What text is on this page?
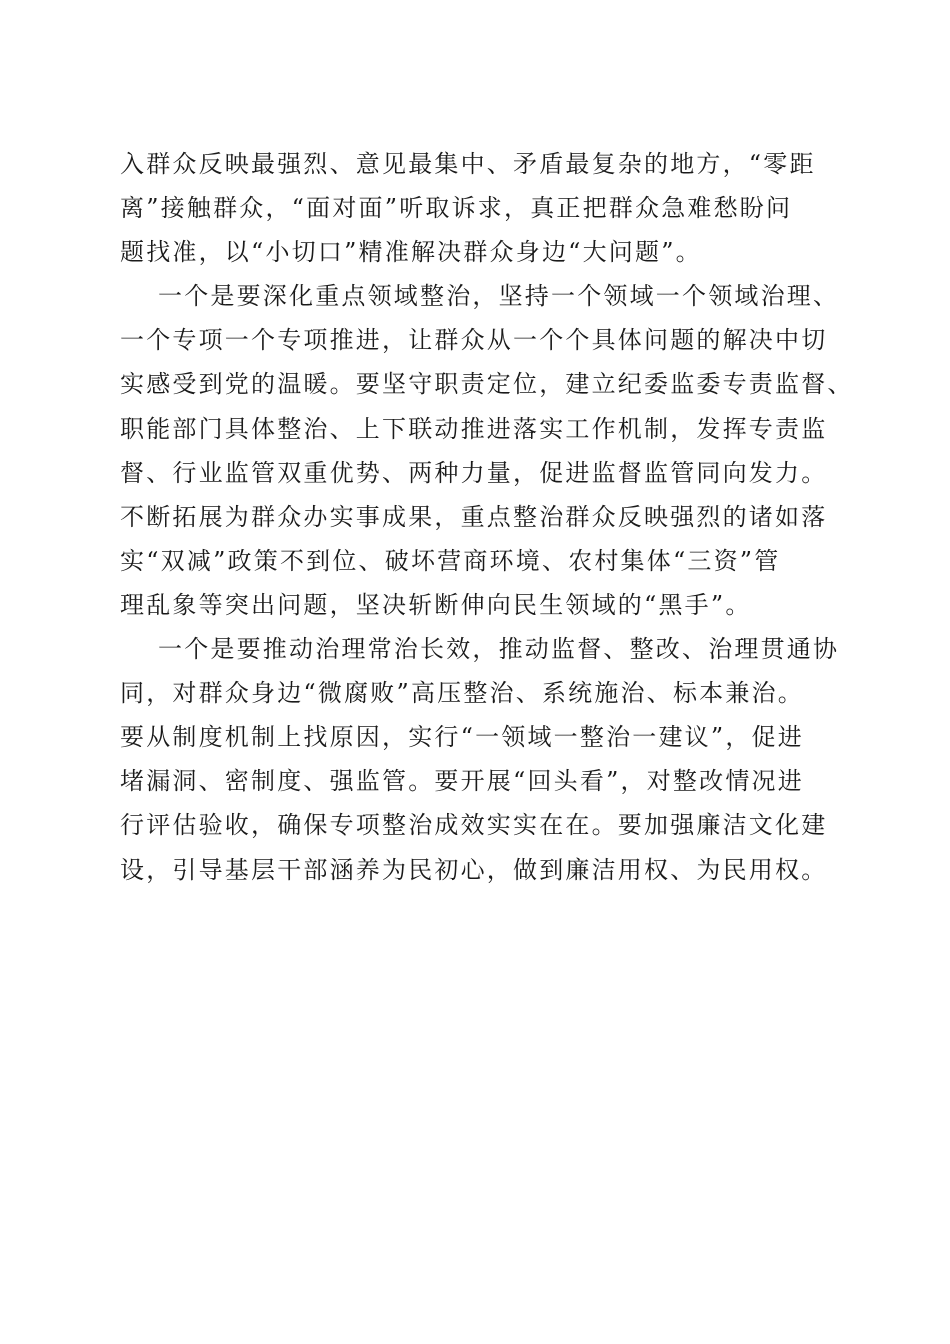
入群众反映最强烈、意见最集中、矛盾最复杂的地方，“零距
离”接触群众，“面对面”听取诉求，真正把群众急难愁盼问
题找准，以“小切口”精准解决群众身边“大问题”。
一个是要深化重点领域整治，坚持一个领域一个领域治理、
一个专项一个专项推进，让群众从一个个具体问题的解决中切
实感受到党的温暖。要坚守职责定位，建立纪委监委专责监督、
职能部门具体整治、上下联动推进落实工作机制，发挥专责监
督、行业监管双重优势、两种力量，促进监督监管同向发力。
不断拓展为群众办实事成果，重点整治群众反映强烈的诸如落
实“双减”政策不到位、破坏营商环境、农村集体“三资”管
理乱象等突出问题，坚决斩断伸向民生领域的“黑手”。
一个是要推动治理常治长效，推动监督、整改、治理贯通协
同，对群众身边“微腐败”高压整治、系统施治、标本兼治。
要从制度机制上找原因，实行“一领域一整治一建议”，促进
堵漏洞、密制度、强监管。要开展“回头看”，对整改情况进
行评估验收，确保专项整治成效实实在在。要加强廉洁文化建
设，引导基层干部涵养为民初心，做到廉洁用权、为民用权。
